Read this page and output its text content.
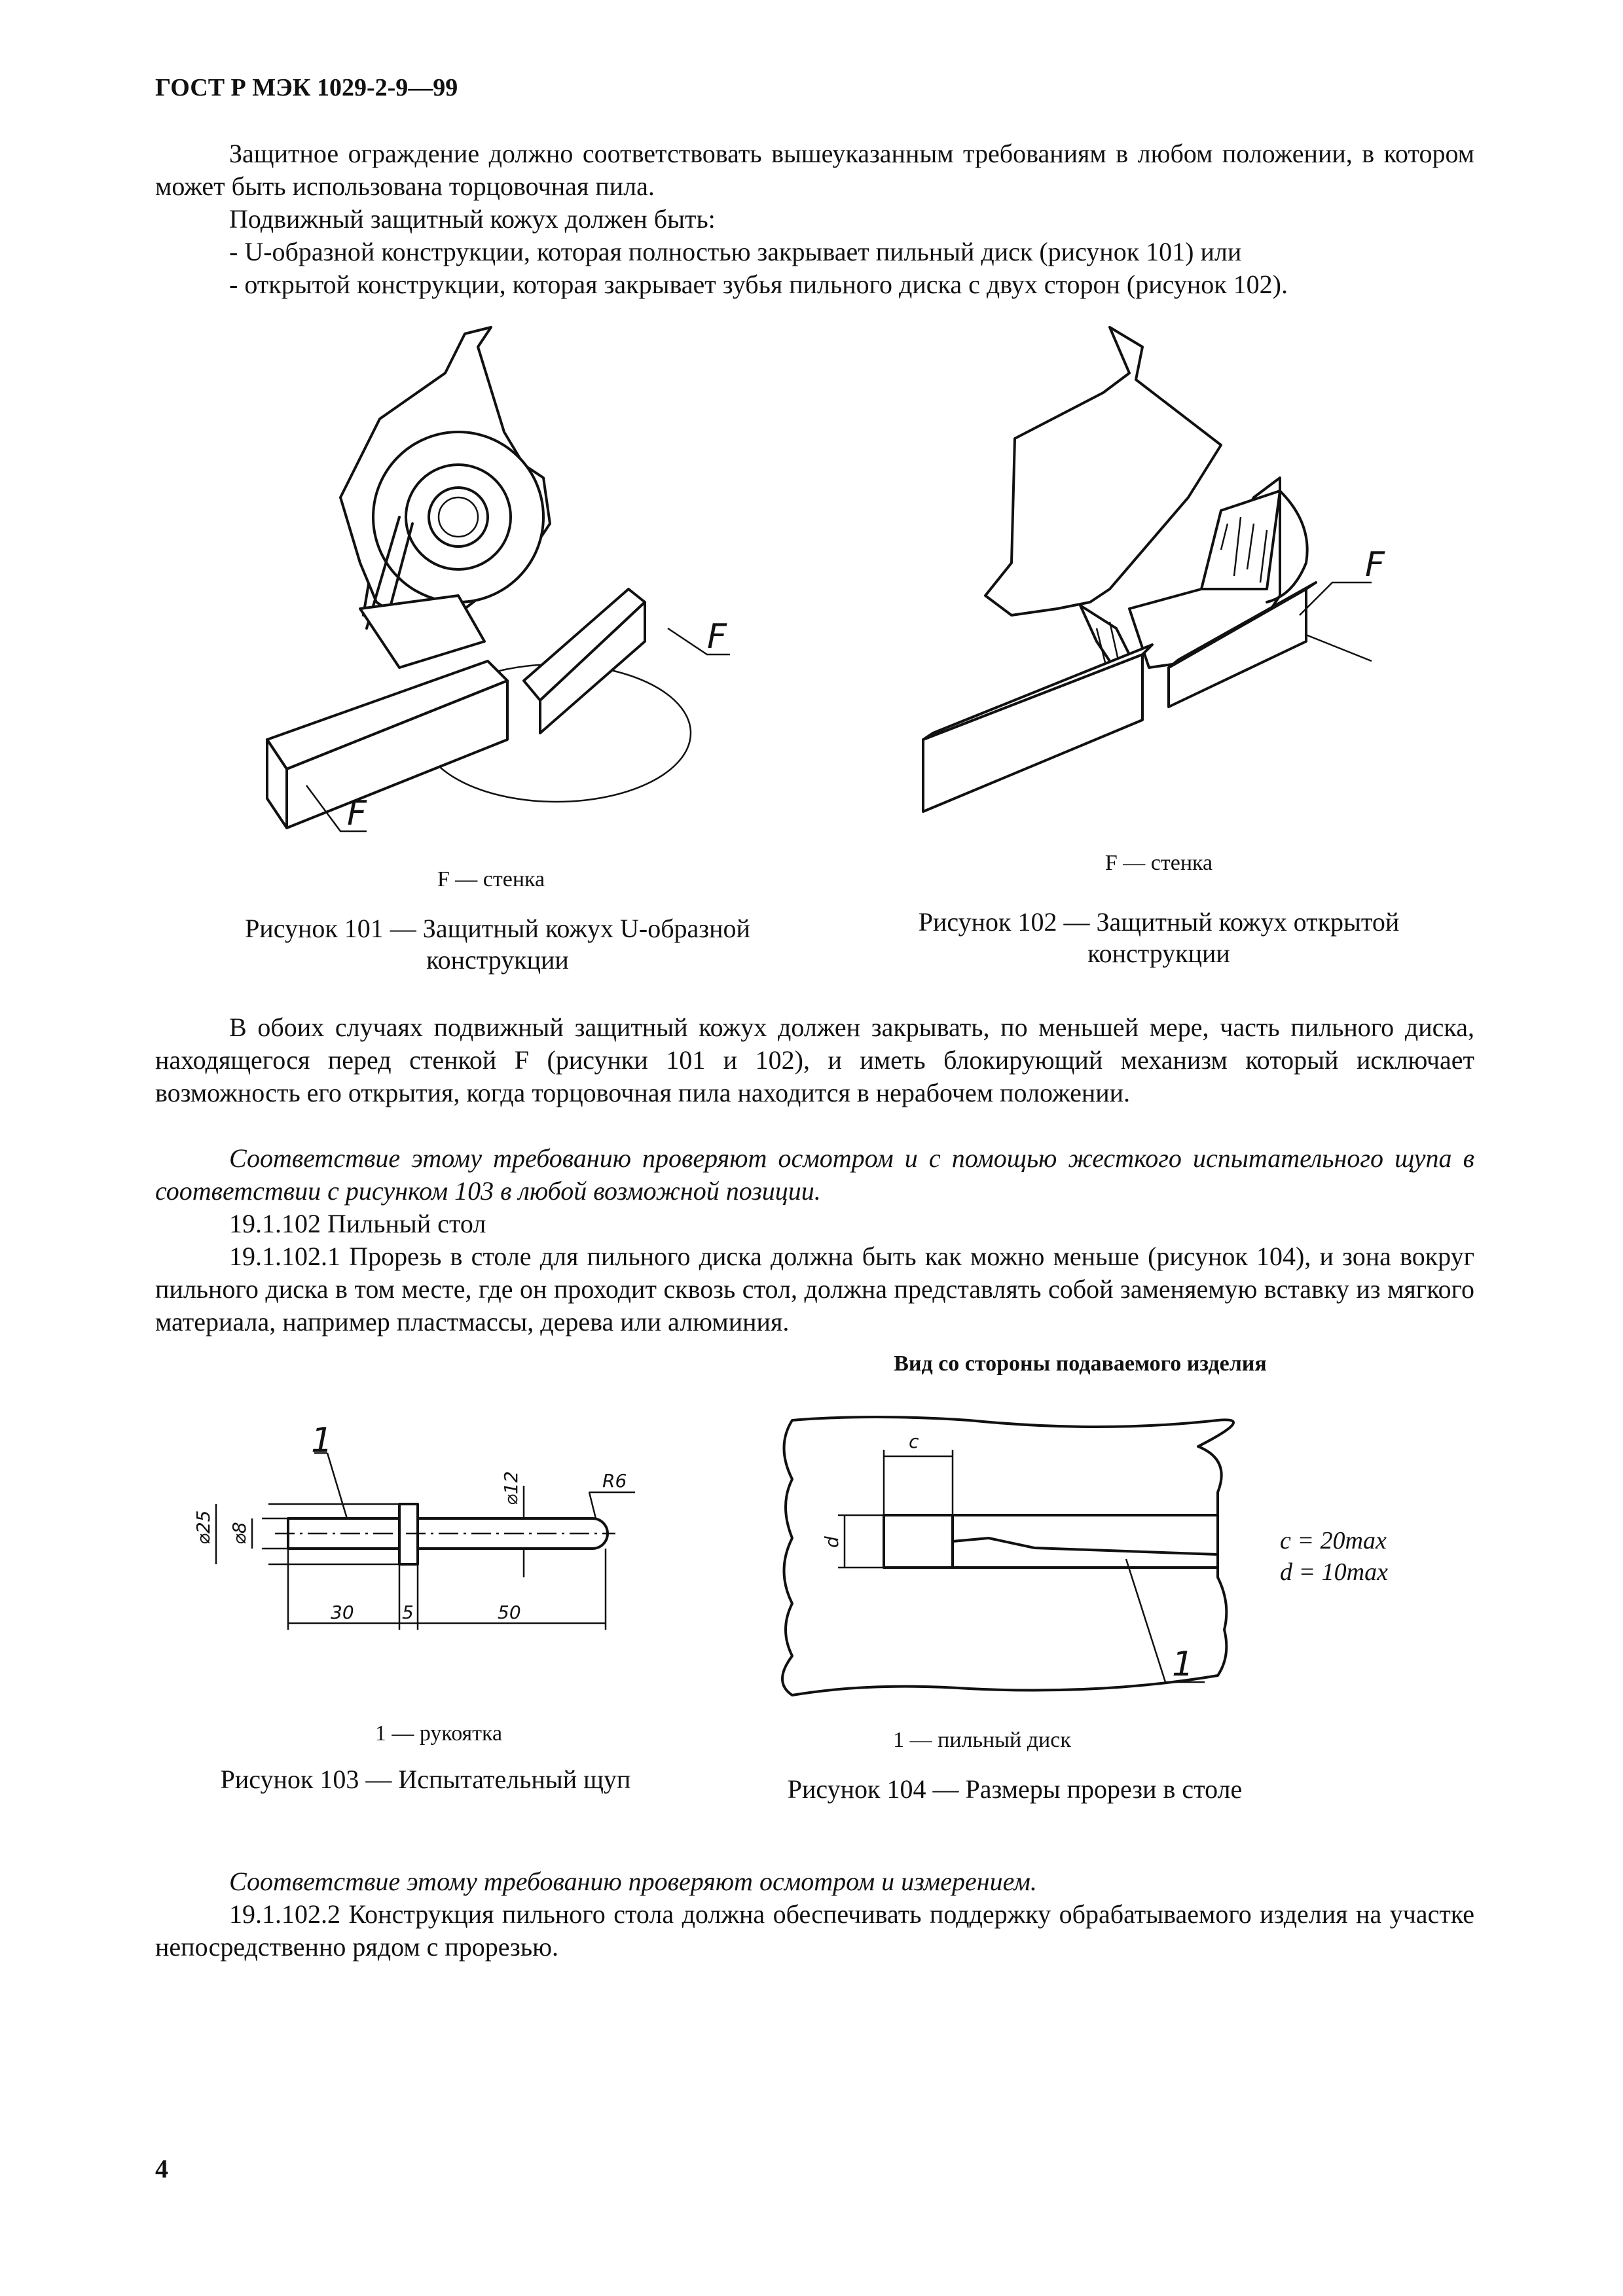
ГОСТ Р МЭК 1029-2-9—99
Защитное ограждение должно соответствовать вышеуказанным требованиям в любом положении, в котором может быть использована торцовочная пила.
Подвижный защитный кожух должен быть:
- U-образной конструкции, которая полностью закрывает пильный диск (рисунок 101) или
- открытой конструкции, которая закрывает зубья пильного диска с двух сторон (рисунок 102).
F
F
F
F — стенка
F — стенка
Рисунок 101 — Защитный кожух U-образной
конструкции
Рисунок 102 — Защитный кожух открытой
конструкции
В обоих случаях подвижный защитный кожух должен закрывать, по меньшей мере, часть пильного диска, находящегося перед стенкой F (рисунки 101 и 102), и иметь блокирующий механизм который исключает возможность его открытия, когда торцовочная пила находится в нерабочем положении.
Соответствие этому требованию проверяют осмотром и с помощью жесткого испытательного щупа в соответствии с рисунком 103 в любой возможной позиции.
19.1.102 Пильный стол
19.1.102.1 Прорезь в столе для пильного диска должна быть как можно меньше (рисунок 104), и зона вокруг пильного диска в том месте, где он проходит сквозь стол, должна представлять собой заменяемую вставку из мягкого материала, например пластмассы, дерева или алюминия.
Вид со стороны подаваемого изделия
⌀25 ⌀8
⌀12	R6
30	5	50
1	c
d
1
c = 20max
d = 10max
1 — рукоятка	1 — пильный диск
Рисунок 103 — Испытательный щуп	Рисунок 104 — Размеры прорези в столе
Соответствие этому требованию проверяют осмотром и измерением.
19.1.102.2 Конструкция пильного стола должна обеспечивать поддержку обрабатываемого изделия на участке непосредственно рядом с прорезью.
4
